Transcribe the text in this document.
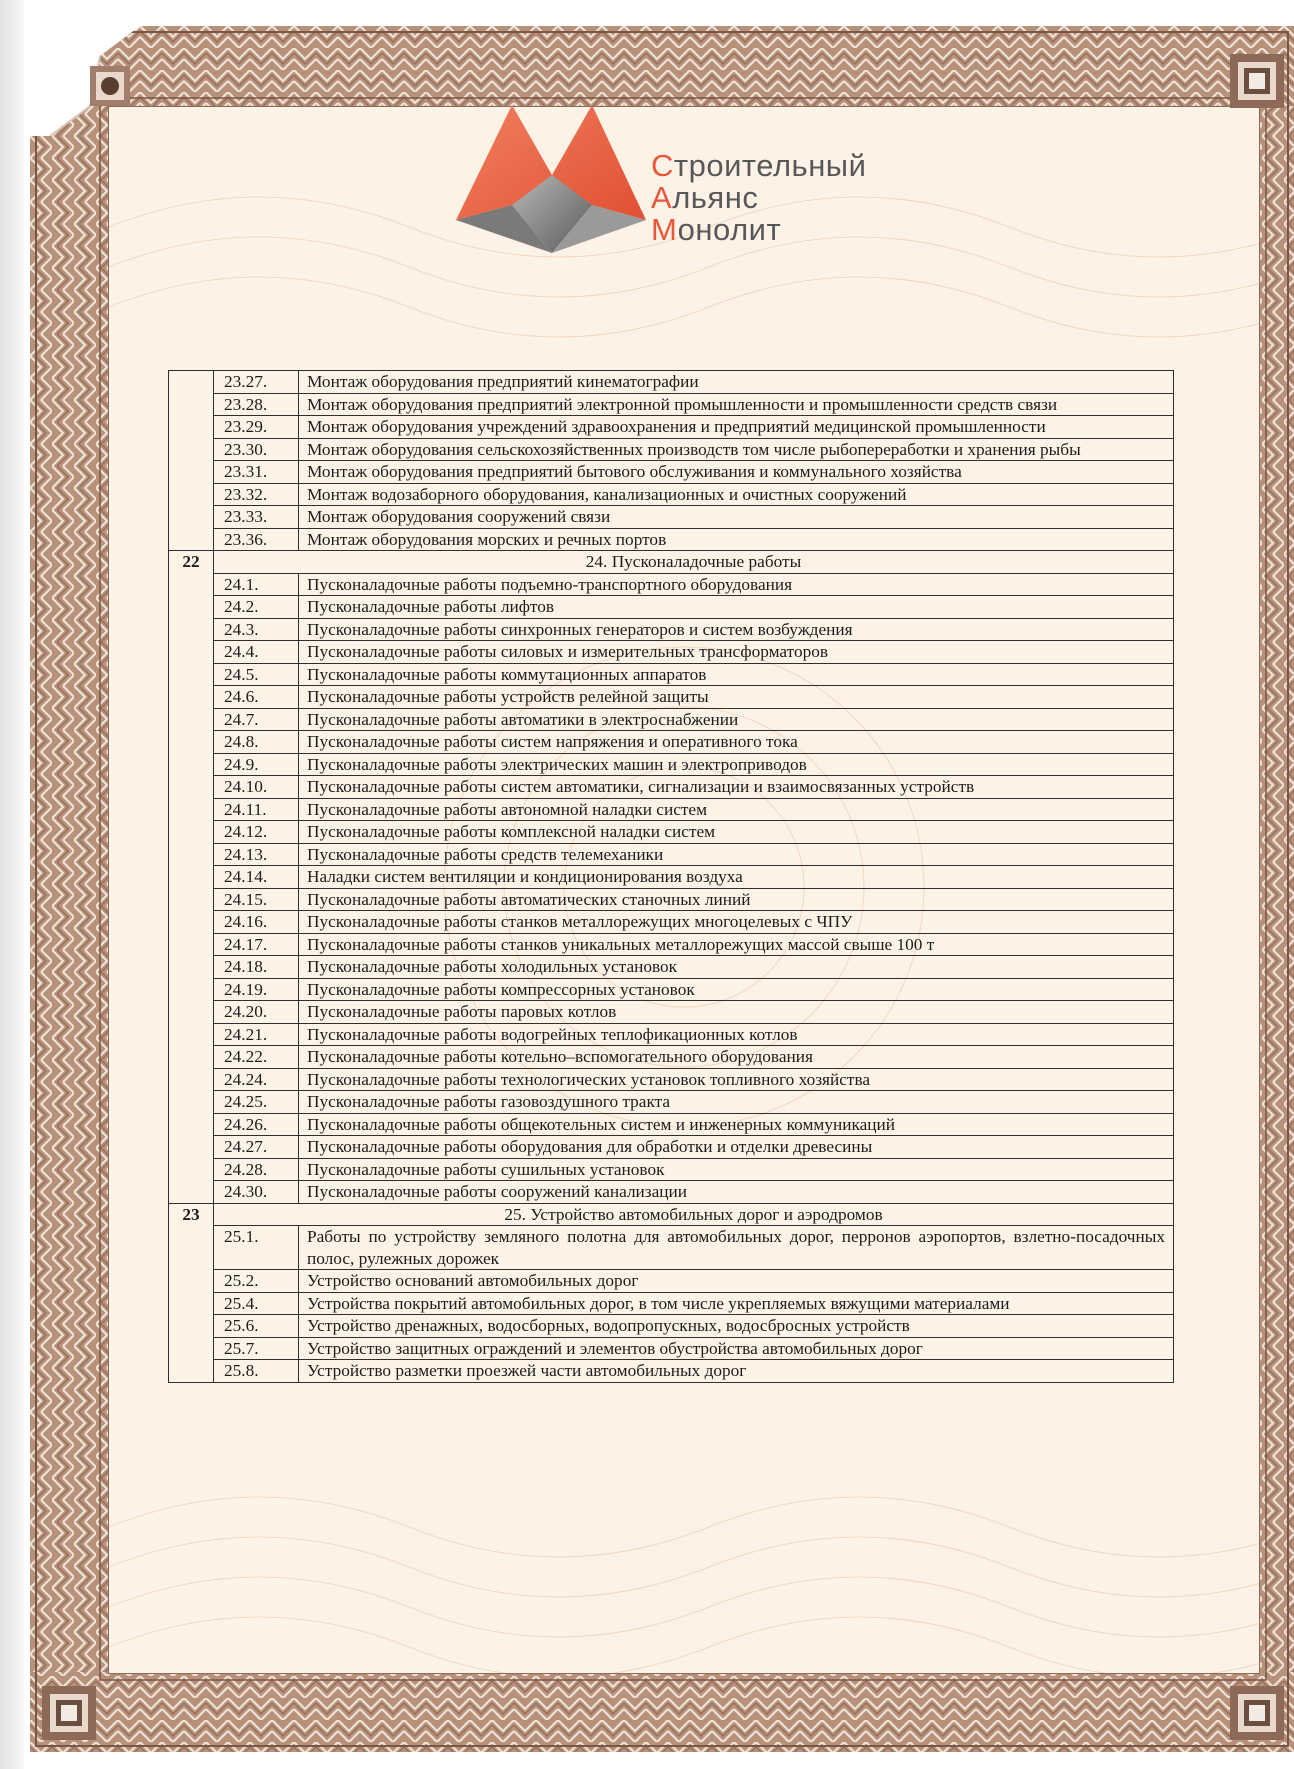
Строительный
Альянс
Монолит
	23.27.	Монтаж оборудования предприятий кинематографии
	23.28.	Монтаж оборудования предприятий электронной промышленности и промышленности средств связи
	23.29.	Монтаж оборудования учреждений здравоохранения и предприятий медицинской промышленности
	23.30.	Монтаж оборудования сельскохозяйственных производств том числе рыбопереработки и хранения рыбы
	23.31.	Монтаж оборудования предприятий бытового обслуживания и коммунального хозяйства
	23.32.	Монтаж водозаборного оборудования, канализационных и очистных сооружений
	23.33.	Монтаж оборудования сооружений связи
	23.36.	Монтаж оборудования морских и речных портов
22	24. Пусконаладочные работы	
	24.1.	Пусконаладочные работы подъемно-транспортного оборудования
	24.2.	Пусконаладочные работы лифтов
	24.3.	Пусконаладочные работы синхронных генераторов и систем возбуждения
	24.4.	Пусконаладочные работы силовых и измерительных трансформаторов
	24.5.	Пусконаладочные работы коммутационных аппаратов
	24.6.	Пусконаладочные работы устройств релейной защиты
	24.7.	Пусконаладочные работы автоматики в электроснабжении
	24.8.	Пусконаладочные работы систем напряжения и оперативного тока
	24.9.	Пусконаладочные работы электрических машин и электроприводов
	24.10.	Пусконаладочные работы систем автоматики, сигнализации и взаимосвязанных устройств
	24.11.	Пусконаладочные работы автономной наладки систем
	24.12.	Пусконаладочные работы комплексной наладки систем
	24.13.	Пусконаладочные работы средств телемеханики
	24.14.	Наладки систем вентиляции и кондиционирования воздуха
	24.15.	Пусконаладочные работы автоматических станочных линий
	24.16.	Пусконаладочные работы станков металлорежущих многоцелевых с ЧПУ
	24.17.	Пусконаладочные работы станков уникальных металлорежущих массой свыше 100 т
	24.18.	Пусконаладочные работы холодильных установок
	24.19.	Пусконаладочные работы компрессорных установок
	24.20.	Пусконаладочные работы паровых котлов
	24.21.	Пусконаладочные работы водогрейных теплофикационных котлов
	24.22.	Пусконаладочные работы котельно–вспомогательного оборудования
	24.24.	Пусконаладочные работы технологических установок топливного хозяйства
	24.25.	Пусконаладочные работы газовоздушного тракта
	24.26.	Пусконаладочные работы общекотельных систем и инженерных коммуникаций
	24.27.	Пусконаладочные работы оборудования для обработки и отделки древесины
	24.28.	Пусконаладочные работы сушильных установок
	24.30.	Пусконаладочные работы сооружений канализации
23	25. Устройство автомобильных дорог и аэродромов	
	25.1.	Работы по устройству земляного полотна для автомобильных дорог, перронов аэропортов, взлетно-посадочных полос, рулежных дорожек
	25.2.	Устройство оснований автомобильных дорог
	25.4.	Устройства покрытий автомобильных дорог, в том числе укрепляемых вяжущими материалами
	25.6.	Устройство дренажных, водосборных, водопропускных, водосбросных устройств
	25.7.	Устройство защитных ограждений и элементов обустройства автомобильных дорог
	25.8.	Устройство разметки проезжей части автомобильных дорог
